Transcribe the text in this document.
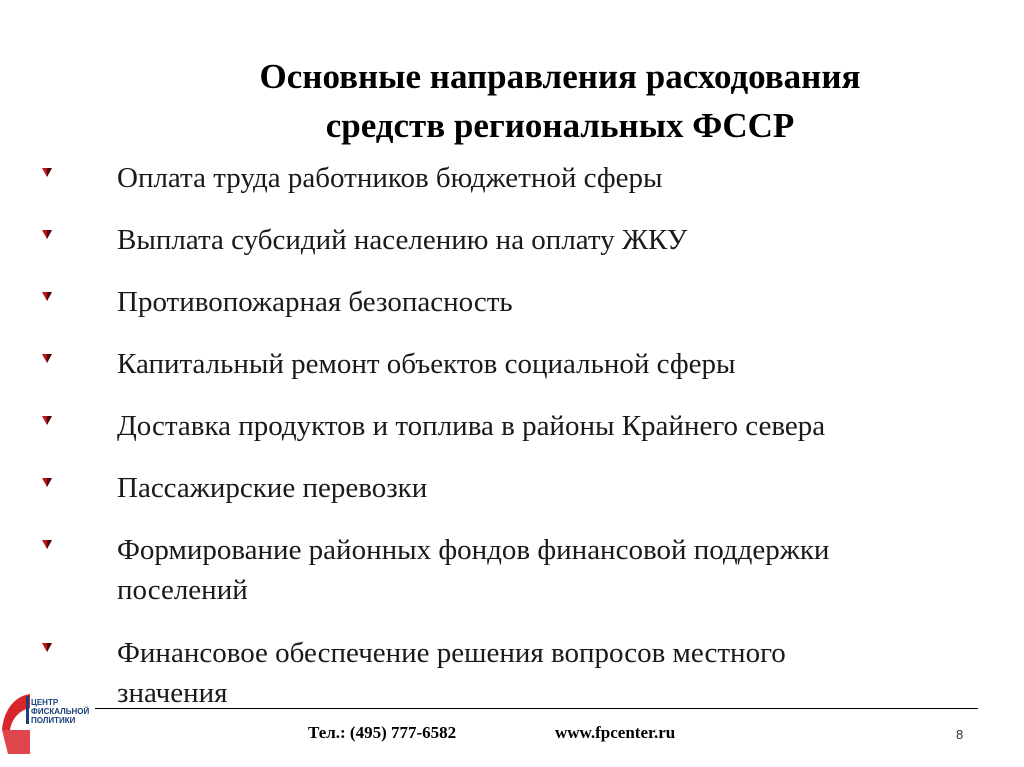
Основные направления расходования
средств региональных ФССР
Оплата труда работников бюджетной сферы
Выплата субсидий населению на оплату ЖКУ
Противопожарная безопасность
Капитальный ремонт объектов социальной сферы
Доставка продуктов и топлива в районы Крайнего севера
Пассажирские перевозки
Формирование районных фондов финансовой поддержки
поселений
Финансовое обеспечение решения вопросов местного
значения
ЦЕНТР
ФИСКАЛЬНОЙ
ПОЛИТИКИ
Тел.: (495) 777-6582	www.fpcenter.ru	8
